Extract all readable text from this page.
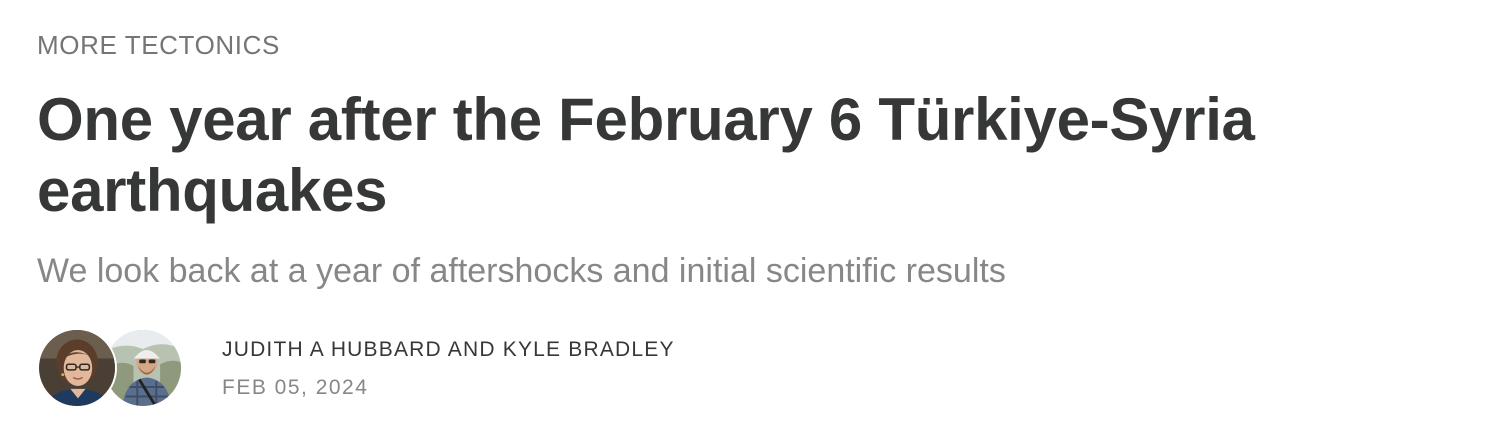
MORE TECTONICS
One year after the February 6 Türkiye-Syria earthquakes
We look back at a year of aftershocks and initial scientific results
JUDITH A HUBBARD AND KYLE BRADLEY
FEB 05, 2024
